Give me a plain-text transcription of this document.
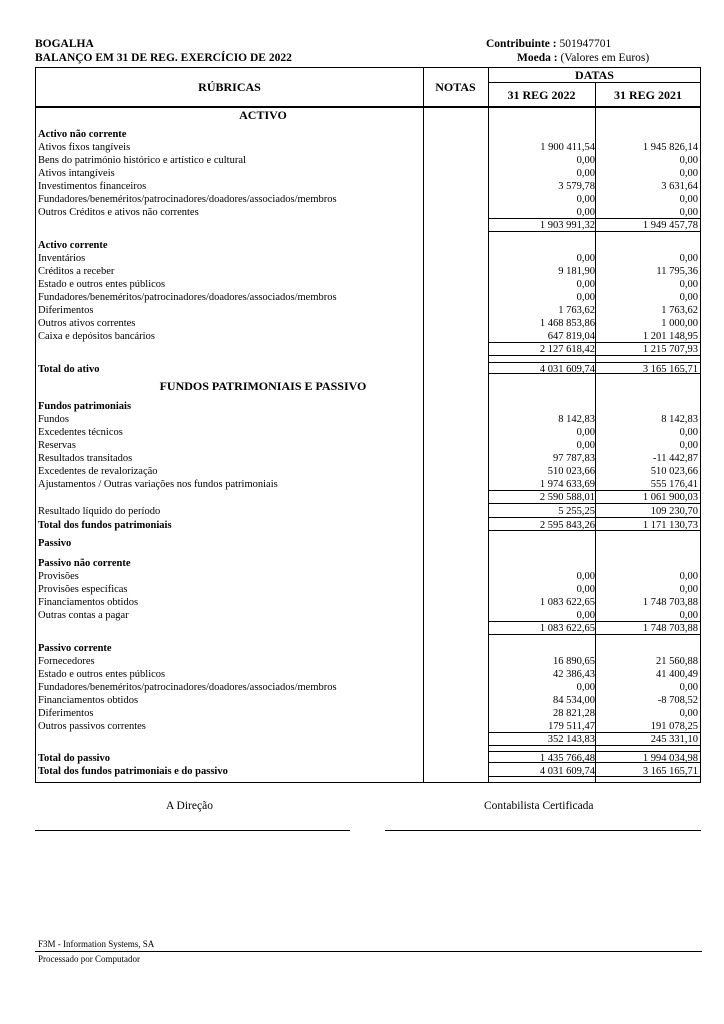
BOGALHA
BALANÇO EM 31 DE REG. EXERCÍCIO DE 2022
Contribuinte : 501947701
Moeda : (Valores em Euros)
RÚBRICAS	NOTAS
DATAS
31 REG 2022	31 REG 2021
ACTIVO
FUNDOS PATRIMONIAIS E PASSIVO
Activo não corrente
Ativos fixos tangíveis	1 900 411,54	1 945 826,14
Bens do património histórico e artístico e cultural	0,00	0,00
Ativos intangíveis	0,00	0,00
Investimentos financeiros	3 579,78	3 631,64
Fundadores/beneméritos/patrocinadores/doadores/associados/membros	0,00	0,00
Outros Créditos e ativos não correntes	0,00	0,00
1 903 991,32	1 949 457,78
Activo corrente
Inventários	0,00	0,00
Créditos a receber	9 181,90	11 795,36
Estado e outros entes públicos	0,00	0,00
Fundadores/beneméritos/patrocinadores/doadores/associados/membros	0,00	0,00
Diferimentos	1 763,62	1 763,62
Outros ativos correntes	1 468 853,86	1 000,00
Caixa e depósitos bancários	647 819,04	1 201 148,95
2 127 618,42	1 215 707,93
Total do ativo	4 031 609,74	3 165 165,71
Fundos patrimoniais
Fundos	8 142,83	8 142,83
Excedentes técnicos	0,00	0,00
Reservas	0,00	0,00
Resultados transitados	97 787,83	-11 442,87
Excedentes de revalorização	510 023,66	510 023,66
Ajustamentos / Outras variações nos fundos patrimoniais	1 974 633,69	555 176,41
2 590 588,01	1 061 900,03
Resultado líquido do período	5 255,25	109 230,70
Total dos fundos patrimoniais	2 595 843,26	1 171 130,73
Passivo
Passivo não corrente
Provisões	0,00	0,00
Provisões específicas	0,00	0,00
Financiamentos obtidos	1 083 622,65	1 748 703,88
Outras contas a pagar	0,00	0,00
1 083 622,65	1 748 703,88
Passivo corrente
Fornecedores	16 890,65	21 560,88
Estado e outros entes públicos	42 386,43	41 400,49
Fundadores/beneméritos/patrocinadores/doadores/associados/membros	0,00	0,00
Financiamentos obtidos	84 534,00	-8 708,52
Diferimentos	28 821,28	0,00
Outros passivos correntes	179 511,47	191 078,25
352 143,83	245 331,10
Total do passivo	1 435 766,48	1 994 034,98
Total dos fundos patrimoniais e do passivo	4 031 609,74	3 165 165,71
A Direção	Contabilista Certificada
F3M - Information Systems, SA
Processado por Computador
